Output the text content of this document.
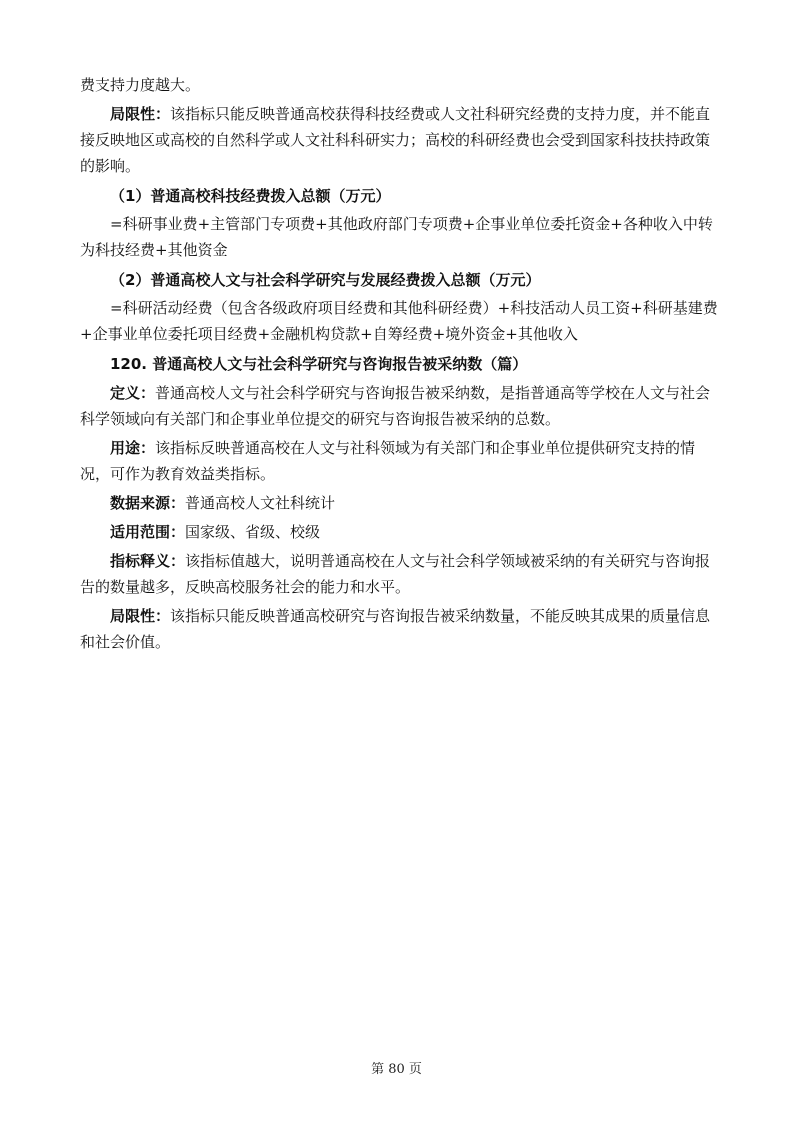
费支持力度越大。

局限性：该指标只能反映普通高校获得科技经费或人文社科研究经费的支持力度，并不能直接反映地区或高校的自然科学或人文社科科研实力；高校的科研经费也会受到国家科技扶持政策的影响。

（1）普通高校科技经费拨入总额（万元）

=科研事业费+主管部门专项费+其他政府部门专项费+企事业单位委托资金+各种收入中转为科技经费+其他资金

（2）普通高校人文与社会科学研究与发展经费拨入总额（万元）

=科研活动经费（包含各级政府项目经费和其他科研经费）+科技活动人员工资+科研基建费+企事业单位委托项目经费+金融机构贷款+自筹经费+境外资金+其他收入

120. 普通高校人文与社会科学研究与咨询报告被采纳数（篇）

定义：普通高校人文与社会科学研究与咨询报告被采纳数，是指普通高等学校在人文与社会科学领域向有关部门和企事业单位提交的研究与咨询报告被采纳的总数。

用途：该指标反映普通高校在人文与社科领域为有关部门和企事业单位提供研究支持的情况，可作为教育效益类指标。

数据来源：普通高校人文社科统计

适用范围：国家级、省级、校级

指标释义：该指标值越大，说明普通高校在人文与社会科学领域被采纳的有关研究与咨询报告的数量越多，反映高校服务社会的能力和水平。

局限性：该指标只能反映普通高校研究与咨询报告被采纳数量，不能反映其成果的质量信息和社会价值。

第 80 页
